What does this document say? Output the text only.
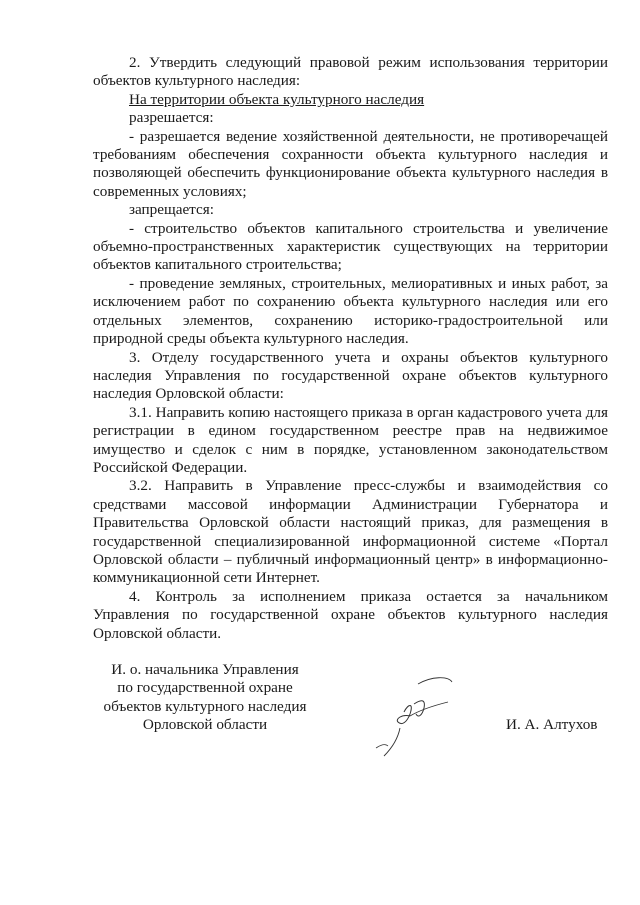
2. Утвердить следующий правовой режим использования территории объектов культурного наследия:

На территории объекта культурного наследия

разрешается:

- разрешается ведение хозяйственной деятельности, не противоречащей требованиям обеспечения сохранности объекта культурного наследия и позволяющей обеспечить функционирование объекта культурного наследия в современных условиях;

запрещается:

- строительство объектов капитального строительства и увеличение объемно-пространственных характеристик существующих на территории объектов капитального строительства;

- проведение земляных, строительных, мелиоративных и иных работ, за исключением работ по сохранению объекта культурного наследия или его отдельных элементов, сохранению историко-градостроительной или природной среды объекта культурного наследия.

3. Отделу государственного учета и охраны объектов культурного наследия Управления по государственной охране объектов культурного наследия Орловской области:

3.1. Направить копию настоящего приказа в орган кадастрового учета для регистрации в едином государственном реестре прав на недвижимое имущество и сделок с ним в порядке, установленном законодательством Российской Федерации.

3.2. Направить в Управление пресс-службы и взаимодействия со средствами массовой информации Администрации Губернатора и Правительства Орловской области настоящий приказ, для размещения в государственной специализированной информационной системе «Портал Орловской области – публичный информационный центр» в информационно-коммуникационной сети Интернет.

4. Контроль за исполнением приказа остается за начальником Управления по государственной охране объектов культурного наследия Орловской области.

И. о. начальника Управления
по государственной охране
объектов культурного наследия
Орловской области	И. А. Алтухов
